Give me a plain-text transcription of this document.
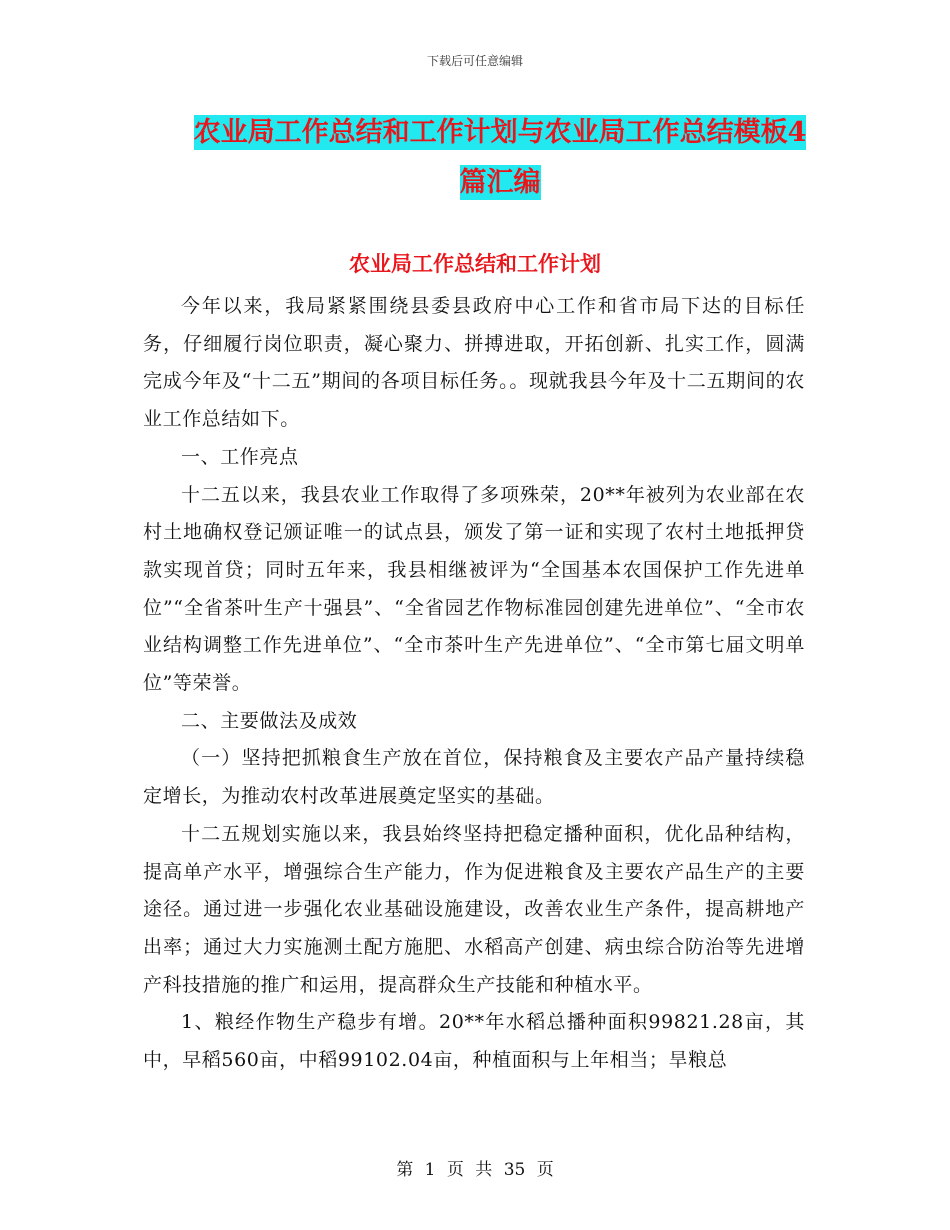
下载后可任意编辑
农业局工作总结和工作计划与农业局工作总结模板4
篇汇编
农业局工作总结和工作计划

今年以来，我局紧紧围绕县委县政府中心工作和省市局下达的目标任务，仔细履行岗位职责，凝心聚力、拼搏进取，开拓创新、扎实工作，圆满完成今年及“十二五”期间的各项目标任务。。现就我县今年及十二五期间的农业工作总结如下。

一、工作亮点

十二五以来，我县农业工作取得了多项殊荣，20**年被列为农业部在农村土地确权登记颁证唯一的试点县，颁发了第一证和实现了农村土地抵押贷款实现首贷；同时五年来，我县相继被评为“全国基本农国保护工作先进单位”“全省茶叶生产十强县”、“全省园艺作物标准园创建先进单位”、“全市农业结构调整工作先进单位”、“全市茶叶生产先进单位”、“全市第七届文明单位”等荣誉。

二、主要做法及成效

（一）坚持把抓粮食生产放在首位，保持粮食及主要农产品产量持续稳定增长，为推动农村改革进展奠定坚实的基础。

十二五规划实施以来，我县始终坚持把稳定播种面积，优化品种结构，提高单产水平，增强综合生产能力，作为促进粮食及主要农产品生产的主要途径。通过进一步强化农业基础设施建设，改善农业生产条件，提高耕地产出率；通过大力实施测土配方施肥、水稻高产创建、病虫综合防治等先进增产科技措施的推广和运用，提高群众生产技能和种植水平。

1、粮经作物生产稳步有增。20**年水稻总播种面积99821.28亩，其中，早稻560亩，中稻99102.04亩，种植面积与上年相当；旱粮总

第 1 页 共 35 页
